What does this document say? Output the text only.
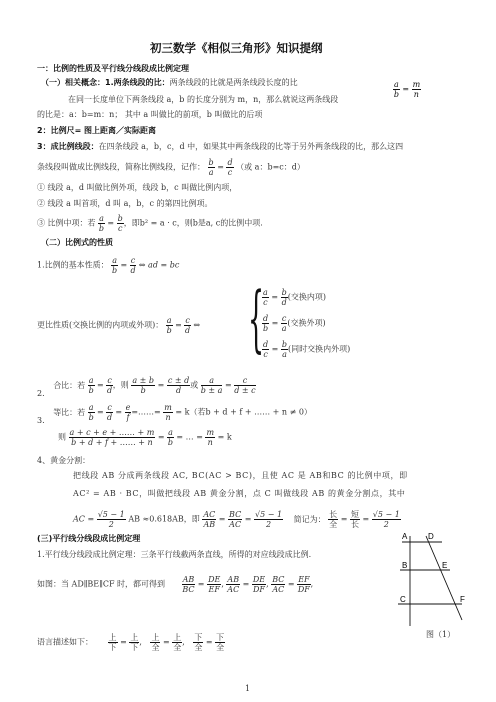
初三数学《相似三角形》知识提纲
一：比例的性质及平行线分线段成比例定理
（一）相关概念：1.两条线段的比：两条线段的比就是两条线段长度的比
在同一长度单位下两条线段 a，b 的长度分别为 m，n，那么就说这两条线段
的比是：a：b=m：n； 其中 a 叫做比的前项，b 叫做比的后项
$\frac{a}{b} = \frac{m}{n}$
2：比例尺= 图上距离／实际距离
3：成比例线段：在四条线段 a，b，c，d 中，如果其中两条线段的比等于另外两条线段的比，那么这四
条线段叫做成比例线段，简称比例线段，记作： $\frac{b}{a} = \frac{d}{c}$ （或 a：b=c：d）
① 线段 a，d 叫做比例外项，线段 b，c 叫做比例内项，
② 线段 a 叫首项，d 叫 a，b，c 的第四比例项。
③ 比例中项：若 $\frac{a}{b} = \frac{b}{c}$ ，即b² = a · c，则b是a, c的比例中项.
（二）比例式的性质
1.比例的基本性质： $\frac{a}{b} = \frac{c}{d}$ ⇔ ad = bc
更比性质(交换比例的内项或外项)： $\frac{a}{b} = \frac{c}{d}$ ⇔ {
$\frac{a}{c} = \frac{b}{d}$ (交换内项)
$\frac{d}{b} = \frac{c}{a}$ (交换外项)
$\frac{d}{c} = \frac{b}{a}$ (同时交换内外项)
2. 合比：若 $\frac{a}{b} = \frac{c}{d}$ ，则 $\frac{a \pm b}{b} = \frac{c \pm d}{d}$ 或 $\frac{a}{b \pm a} = \frac{c}{d \pm c}$
3. 等比：若 $\frac{a}{b} = \frac{c}{d} = \frac{e}{f}$ =……= $\frac{m}{n} = k$（若b + d + f + …… + n ≠ 0）
则 $\frac{a + c + e + \dots\dots + m}{b + d + f + \dots\dots + n} = \frac{a}{b}$ = … = $\frac{m}{n} = k$
4、黄金分割：
把线段 AB 分成两条线段 AC, BC(AC > BC)，且使 AC 是 AB和BC 的比例中项，即
AC² = AB · BC，叫做把线段 AB 黄金分割，点 C 叫做线段 AB 的黄金分割点，其中
AC = $\frac{√5 - 1}{2}$ AB ≈0.618AB，即 $\frac{AC}{AB} = \frac{BC}{AC} = \frac{√5 - 1}{2}$ 简记为： $\frac{\text{长}}{\text{全}} = \frac{\text{短}}{\text{长}} = \frac{√5 - 1}{2}$
(三)平行线分线段成比例定理
1.平行线分线段成比例定理：三条平行线截两条直线，所得的对应线段成比例.
如图：当 AD∥BE∥CF 时，都可得到 $\frac{AB}{BC} = \frac{DE}{EF}$ , $\frac{AB}{AC} = \frac{DE}{DF}$ , $\frac{BC}{AC} = \frac{EF}{DF}$ ,
语言描述如下： $\frac{\text{上}}{\text{下}} = \frac{\text{上}}{\text{下}}$ , $\frac{\text{上}}{\text{全}} = \frac{\text{上}}{\text{全}}$ , $\frac{\text{下}}{\text{全}} = \frac{\text{下}}{\text{全}}$
A	D
B	E
C	F
图（1）
1
